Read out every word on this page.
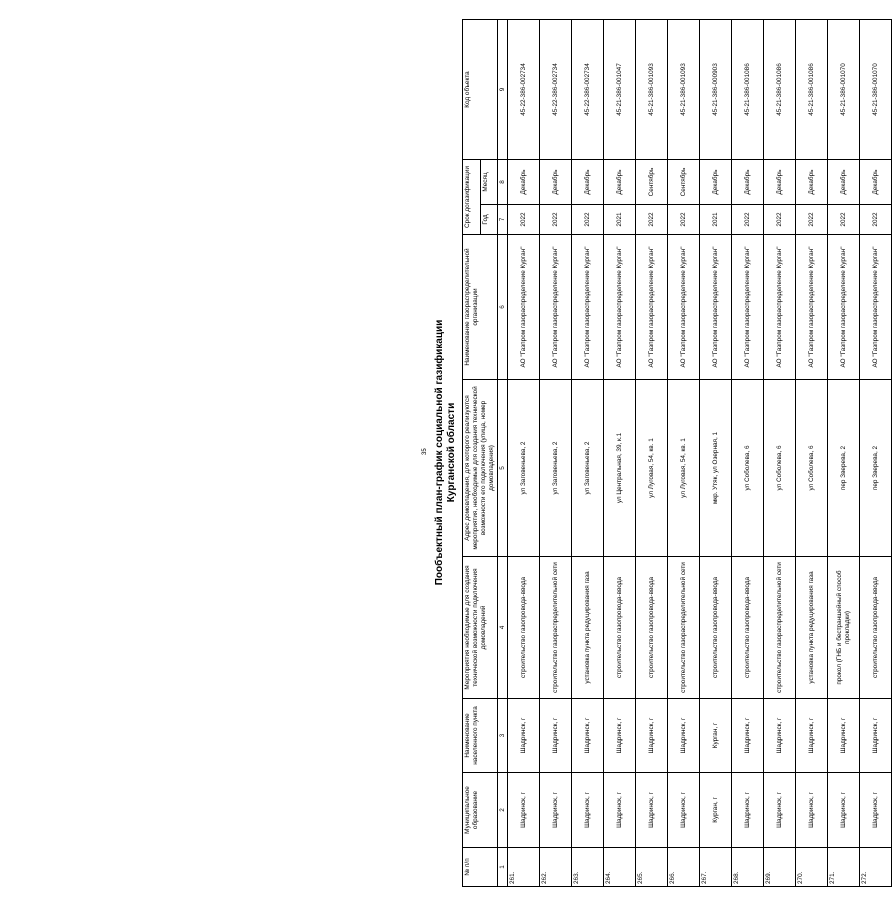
35 Пообъектный план-график социальной газификации Курганской области
№ п/п	Муниципальное образование	Наименование населенного пункта	Мероприятия необходимые для создания технической возможности подключения домовладений	Адрес домовладения, для которого реализуются мероприятия, необходимые для создания технической возможности его подключения (улица, номер домовладения)	Наименование газораспределительной организации	Срок догазификации		Код объекта
						Год	Месяц	
1	2	3	4	5	6	7	8	9
261.	Шадринск, г	Шадринск, г	строительство газопровода-ввода	ул Заговеньева, 2	АО "Газпром газораспределение Курган"	2022	Декабрь	45-22-386-002734
262.	Шадринск, г	Шадринск, г	строительство газораспределительной сети	ул Заговеньева, 2	АО "Газпром газораспределение Курган"	2022	Декабрь	45-22-386-002734
263.	Шадринск, г	Шадринск, г	установка пункта редуцирования газа	ул Заговеньева, 2	АО "Газпром газораспределение Курган"	2022	Декабрь	45-22-386-002734
264.	Шадринск, г	Шадринск, г	строительство газопровода-ввода	ул Центральная, 39, к.1	АО "Газпром газораспределение Курган"	2021	Декабрь	45-21-386-001047
265.	Шадринск, г	Шадринск, г	строительство газопровода-ввода	ул Луговая, 54, кв. 1	АО "Газпром газораспределение Курган"	2022	Сентябрь	45-21-386-001093
266.	Шадринск, г	Шадринск, г	строительство газораспределительной сети	ул Луговая, 54, кв. 1	АО "Газпром газораспределение Курган"	2022	Сентябрь	45-21-386-001093
267.	Курган, г	Курган, г	строительство газопровода-ввода	мкр. Утяк, ул Озерная, 1	АО "Газпром газораспределение Курган"	2021	Декабрь	45-21-386-000903
268.	Шадринск, г	Шадринск, г	строительство газопровода-ввода	ул Соболева, 6	АО "Газпром газораспределение Курган"	2022	Декабрь	45-21-386-001086
269.	Шадринск, г	Шадринск, г	строительство газораспределительной сети	ул Соболева, 6	АО "Газпром газораспределение Курган"	2022	Декабрь	45-21-386-001086
270.	Шадринск, г	Шадринск, г	установка пункта редуцирования газа	ул Соболева, 6	АО "Газпром газораспределение Курган"	2022	Декабрь	45-21-386-001086
271.	Шадринск, г	Шадринск, г	прокол (ГНБ и бестраншейный способ прокладки)	пер Зверева, 2	АО "Газпром газораспределение Курган"	2022	Декабрь	45-21-386-001070
272.	Шадринск, г	Шадринск, г	строительство газопровода-ввода	пер Зверева, 2	АО "Газпром газораспределение Курган"	2022	Декабрь	45-21-386-001070
